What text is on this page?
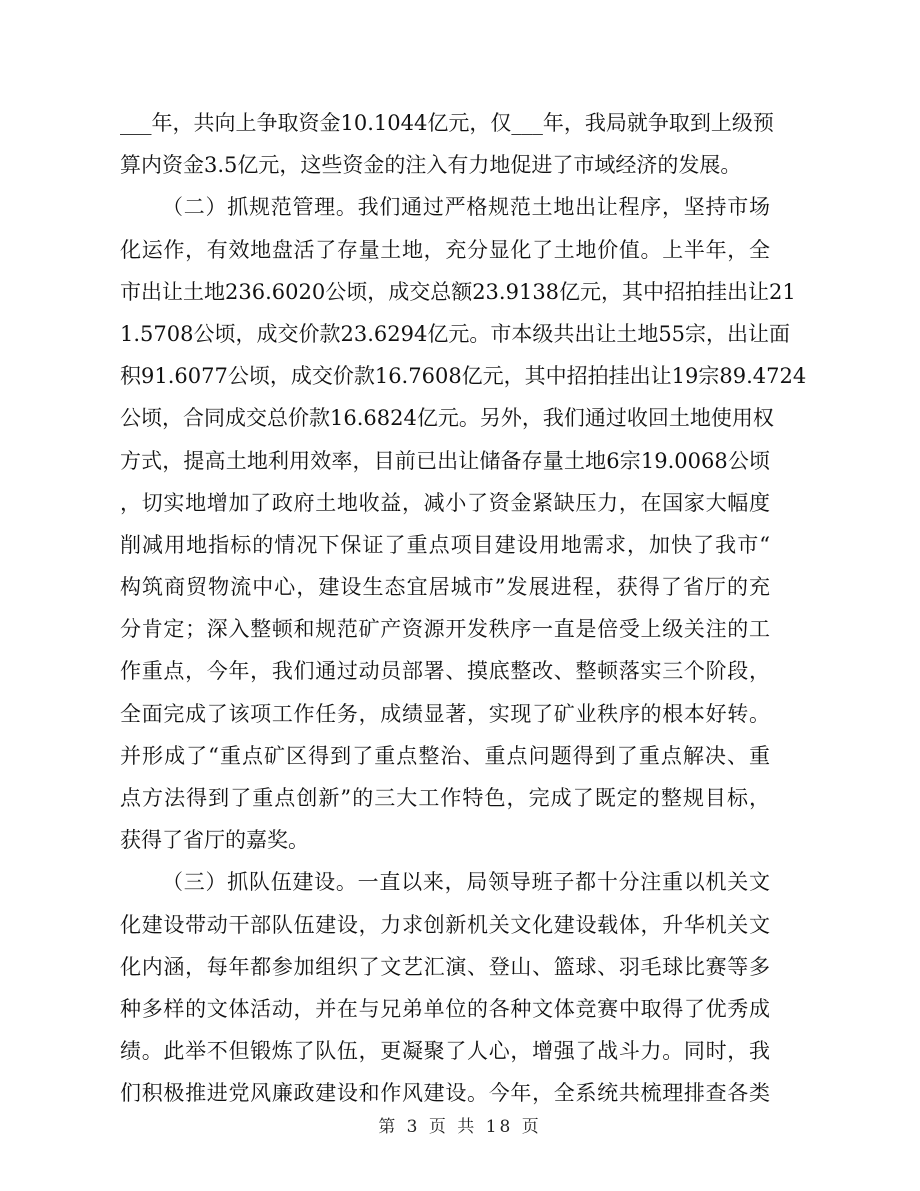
___年，共向上争取资金10.1044亿元，仅___年，我局就争取到上级预
算内资金3.5亿元，这些资金的注入有力地促进了市域经济的发展。
（二）抓规范管理。我们通过严格规范土地出让程序，坚持市场
化运作，有效地盘活了存量土地，充分显化了土地价值。上半年，全
市出让土地236.6020公顷，成交总额23.9138亿元，其中招拍挂出让21
1.5708公顷，成交价款23.6294亿元。市本级共出让土地55宗，出让面
积91.6077公顷，成交价款16.7608亿元，其中招拍挂出让19宗89.4724
公顷，合同成交总价款16.6824亿元。另外，我们通过收回土地使用权
方式，提高土地利用效率，目前已出让储备存量土地6宗19.0068公顷
，切实地增加了政府土地收益，减小了资金紧缺压力，在国家大幅度
削减用地指标的情况下保证了重点项目建设用地需求，加快了我市“
构筑商贸物流中心，建设生态宜居城市”发展进程，获得了省厅的充
分肯定；深入整顿和规范矿产资源开发秩序一直是倍受上级关注的工
作重点，今年，我们通过动员部署、摸底整改、整顿落实三个阶段，
全面完成了该项工作任务，成绩显著，实现了矿业秩序的根本好转。
并形成了“重点矿区得到了重点整治、重点问题得到了重点解决、重
点方法得到了重点创新”的三大工作特色，完成了既定的整规目标，
获得了省厅的嘉奖。
（三）抓队伍建设。一直以来，局领导班子都十分注重以机关文
化建设带动干部队伍建设，力求创新机关文化建设载体，升华机关文
化内涵，每年都参加组织了文艺汇演、登山、篮球、羽毛球比赛等多
种多样的文体活动，并在与兄弟单位的各种文体竞赛中取得了优秀成
绩。此举不但锻炼了队伍，更凝聚了人心，增强了战斗力。同时，我
们积极推进党风廉政建设和作风建设。今年，全系统共梳理排查各类
第 3 页 共 18 页
